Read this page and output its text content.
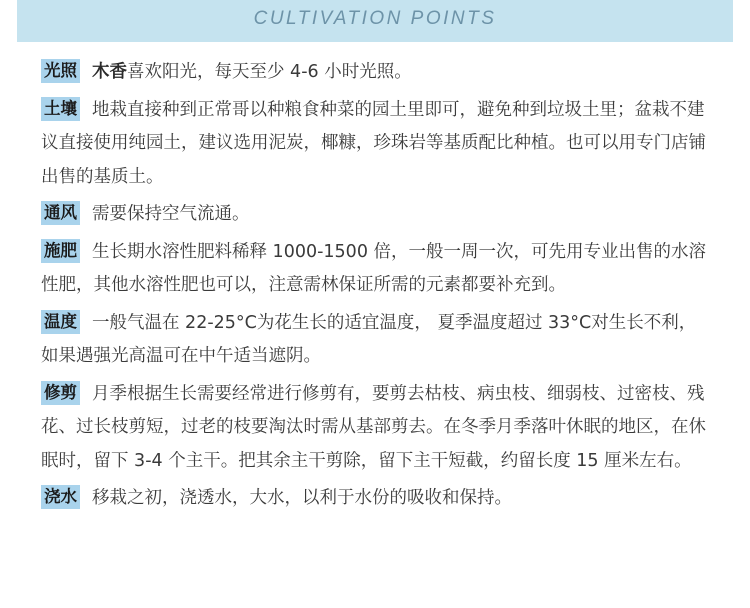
CULTIVATION POINTS

光照 木香喜欢阳光，每天至少 4-6 小时光照。

土壤 地栽直接种到正常哥以种粮食种菜的园土里即可，避免种到垃圾土里；盆栽不建议直接使用纯园土，建议选用泥炭，椰糠，珍珠岩等基质配比种植。也可以用专门店铺出售的基质土。

通风 需要保持空气流通。

施肥 生长期水溶性肥料稀释 1000-1500 倍，一般一周一次，可先用专业出售的水溶性肥，其他水溶性肥也可以，注意需林保证所需的元素都要补充到。

温度 一般气温在 22-25°C为花生长的适宜温度， 夏季温度超过 33°C对生长不利，如果遇强光高温可在中午适当遮阴。

修剪 月季根据生长需要经常进行修剪有，要剪去枯枝、病虫枝、细弱枝、过密枝、残花、过长枝剪短，过老的枝要淘汰时需从基部剪去。在冬季月季落叶休眠的地区，在休眠时，留下 3-4 个主干。把其余主干剪除，留下主干短截，约留长度 15 厘米左右。

浇水 移栽之初，浇透水，大水，以利于水份的吸收和保持。
